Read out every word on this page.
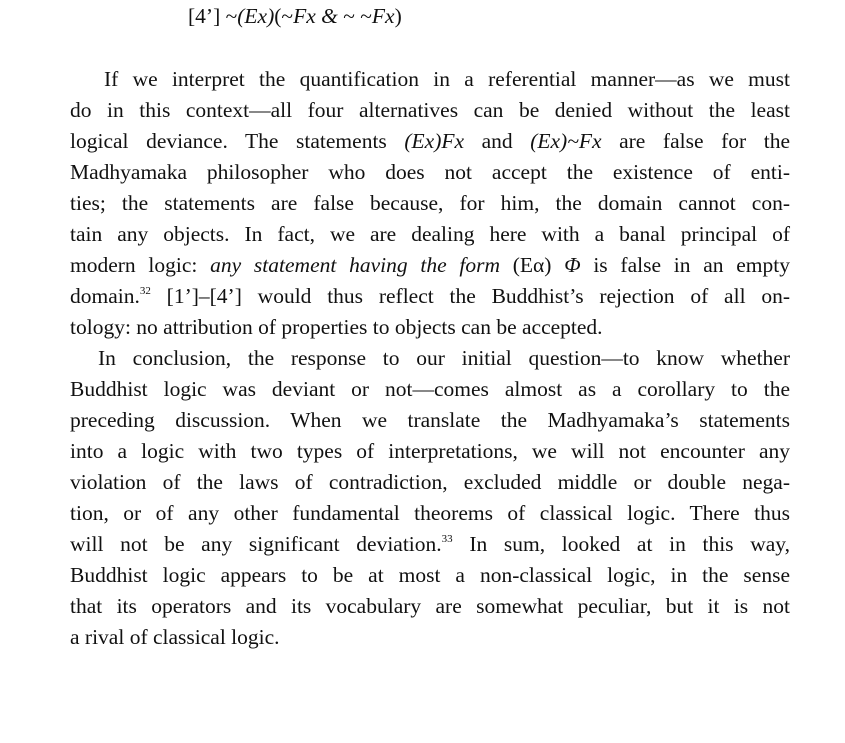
[4’] ~(Ex)(~Fx & ~ ~Fx)
If we interpret the quantification in a referential manner—as we must
do in this context—all four alternatives can be denied without the least
logical deviance. The statements (Ex)Fx and (Ex)~Fx are false for the
Madhyamaka philosopher who does not accept the existence of enti-
ties; the statements are false because, for him, the domain cannot con-
tain any objects. In fact, we are dealing here with a banal principal of
modern logic: any statement having the form (Eα) Φ is false in an empty
domain.$^{32}$ [1’]–[4’] would thus reflect the Buddhist’s rejection of all on-
tology: no attribution of properties to objects can be accepted.
In conclusion, the response to our initial question—to know whether
Buddhist logic was deviant or not—comes almost as a corollary to the
preceding discussion. When we translate the Madhyamaka’s statements
into a logic with two types of interpretations, we will not encounter any
violation of the laws of contradiction, excluded middle or double nega-
tion, or of any other fundamental theorems of classical logic. There thus
will not be any significant deviation.$^{33}$ In sum, looked at in this way,
Buddhist logic appears to be at most a non-classical logic, in the sense
that its operators and its vocabulary are somewhat peculiar, but it is not
a rival of classical logic.
